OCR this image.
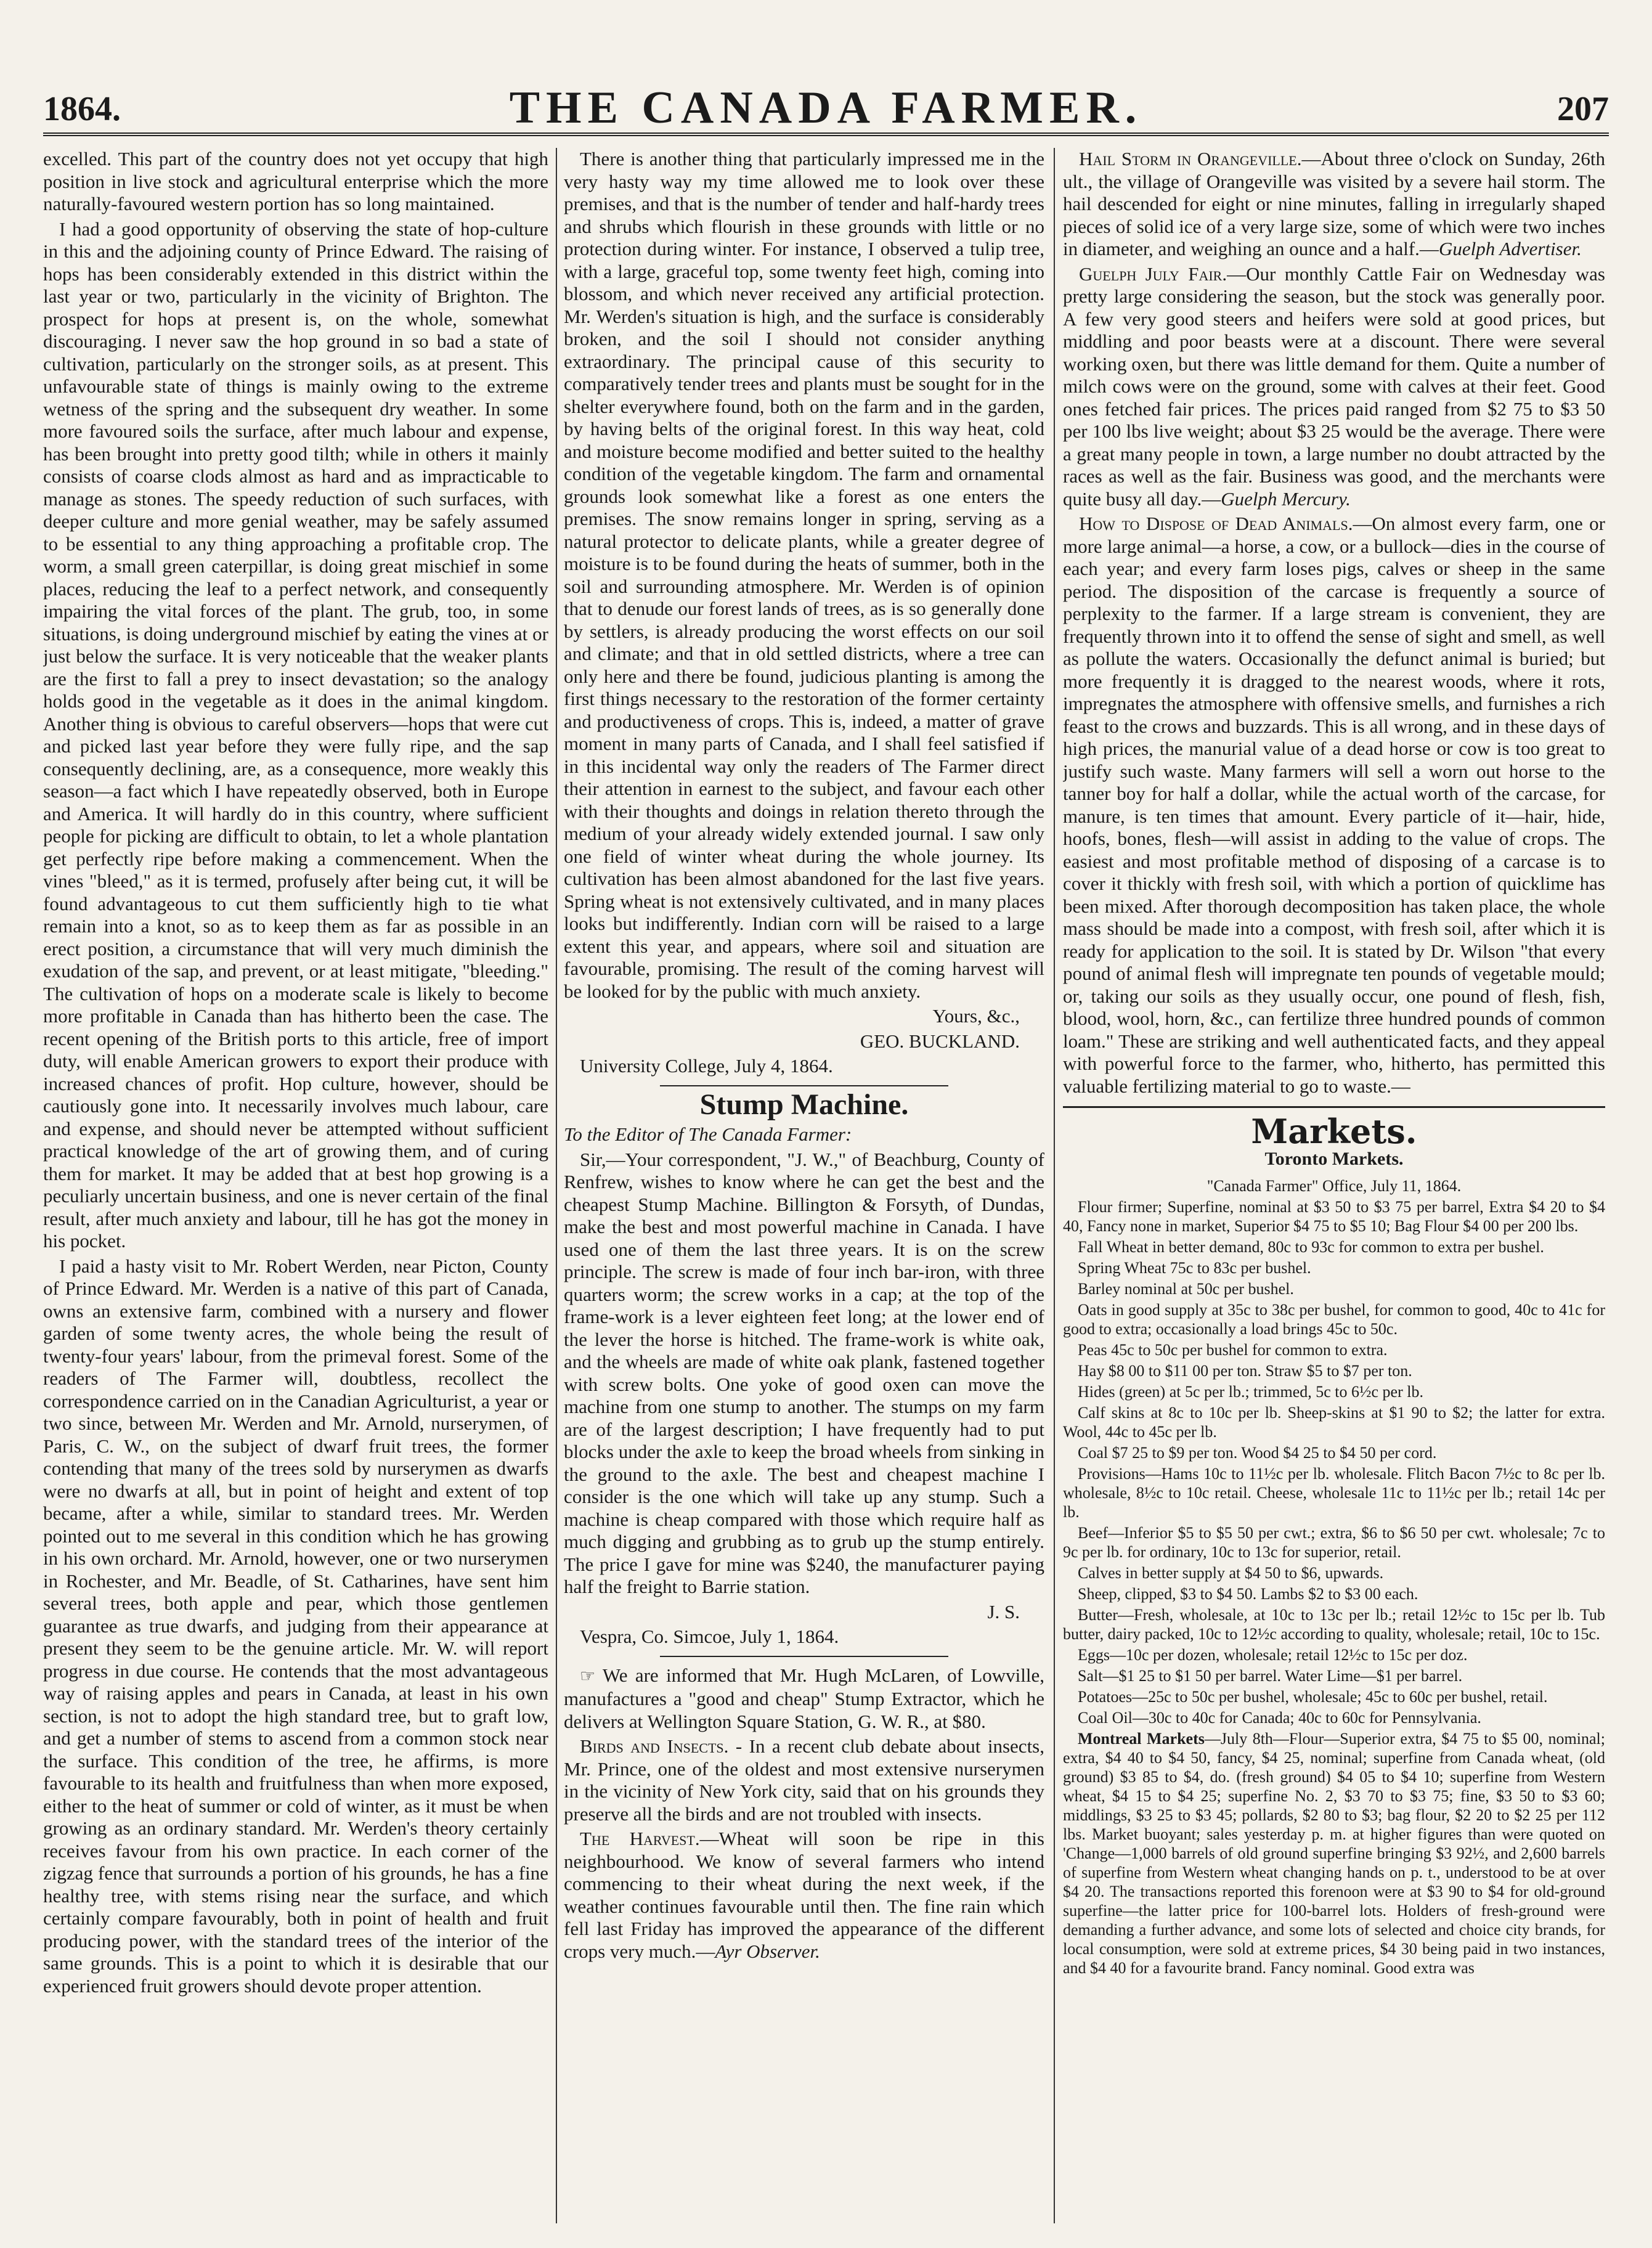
1864.	THE CANADA FARMER.	207

excelled. This part of the country does not yet occupy that high position in live stock and agricultural enterprise which the more naturally-favoured western portion has so long maintained.

I had a good opportunity of observing the state of hop-culture in this and the adjoining county of Prince Edward. The raising of hops has been considerably extended in this district within the last year or two, particularly in the vicinity of Brighton. The prospect for hops at present is, on the whole, somewhat discouraging. I never saw the hop ground in so bad a state of cultivation, particularly on the stronger soils, as at present. This unfavourable state of things is mainly owing to the extreme wetness of the spring and the subsequent dry weather. In some more favoured soils the surface, after much labour and expense, has been brought into pretty good tilth; while in others it mainly consists of coarse clods almost as hard and as impracticable to manage as stones. The speedy reduction of such surfaces, with deeper culture and more genial weather, may be safely assumed to be essential to any thing approaching a profitable crop. The worm, a small green caterpillar, is doing great mischief in some places, reducing the leaf to a perfect network, and consequently impairing the vital forces of the plant. The grub, too, in some situations, is doing underground mischief by eating the vines at or just below the surface. It is very noticeable that the weaker plants are the first to fall a prey to insect devastation; so the analogy holds good in the vegetable as it does in the animal kingdom. Another thing is obvious to careful observers—hops that were cut and picked last year before they were fully ripe, and the sap consequently declining, are, as a consequence, more weakly this season—a fact which I have repeatedly observed, both in Europe and America. It will hardly do in this country, where sufficient people for picking are difficult to obtain, to let a whole plantation get perfectly ripe before making a commencement. When the vines "bleed," as it is termed, profusely after being cut, it will be found advantageous to cut them sufficiently high to tie what remain into a knot, so as to keep them as far as possible in an erect position, a circumstance that will very much diminish the exudation of the sap, and prevent, or at least mitigate, "bleeding." The cultivation of hops on a moderate scale is likely to become more profitable in Canada than has hitherto been the case. The recent opening of the British ports to this article, free of import duty, will enable American growers to export their produce with increased chances of profit. Hop culture, however, should be cautiously gone into. It necessarily involves much labour, care and expense, and should never be attempted without sufficient practical knowledge of the art of growing them, and of curing them for market. It may be added that at best hop growing is a peculiarly uncertain business, and one is never certain of the final result, after much anxiety and labour, till he has got the money in his pocket.

I paid a hasty visit to Mr. Robert Werden, near Picton, County of Prince Edward. Mr. Werden is a native of this part of Canada, owns an extensive farm, combined with a nursery and flower garden of some twenty acres, the whole being the result of twenty-four years' labour, from the primeval forest. Some of the readers of The Farmer will, doubtless, recollect the correspondence carried on in the Canadian Agriculturist, a year or two since, between Mr. Werden and Mr. Arnold, nurserymen, of Paris, C. W., on the subject of dwarf fruit trees, the former contending that many of the trees sold by nurserymen as dwarfs were no dwarfs at all, but in point of height and extent of top became, after a while, similar to standard trees. Mr. Werden pointed out to me several in this condition which he has growing in his own orchard. Mr. Arnold, however, one or two nurserymen in Rochester, and Mr. Beadle, of St. Catharines, have sent him several trees, both apple and pear, which those gentlemen guarantee as true dwarfs, and judging from their appearance at present they seem to be the genuine article. Mr. W. will report progress in due course. He contends that the most advantageous way of raising apples and pears in Canada, at least in his own section, is not to adopt the high standard tree, but to graft low, and get a number of stems to ascend from a common stock near the surface. This condition of the tree, he affirms, is more favourable to its health and fruitfulness than when more exposed, either to the heat of summer or cold of winter, as it must be when growing as an ordinary standard. Mr. Werden's theory certainly receives favour from his own practice. In each corner of the zigzag fence that surrounds a portion of his grounds, he has a fine healthy tree, with stems rising near the surface, and which certainly compare favourably, both in point of health and fruit producing power, with the standard trees of the interior of the same grounds. This is a point to which it is desirable that our experienced fruit growers should devote proper attention.

There is another thing that particularly impressed me in the very hasty way my time allowed me to look over these premises, and that is the number of tender and half-hardy trees and shrubs which flourish in these grounds with little or no protection during winter. For instance, I observed a tulip tree, with a large, graceful top, some twenty feet high, coming into blossom, and which never received any artificial protection. Mr. Werden's situation is high, and the surface is considerably broken, and the soil I should not consider anything extraordinary. The principal cause of this security to comparatively tender trees and plants must be sought for in the shelter everywhere found, both on the farm and in the garden, by having belts of the original forest. In this way heat, cold and moisture become modified and better suited to the healthy condition of the vegetable kingdom. The farm and ornamental grounds look somewhat like a forest as one enters the premises. The snow remains longer in spring, serving as a natural protector to delicate plants, while a greater degree of moisture is to be found during the heats of summer, both in the soil and surrounding atmosphere. Mr. Werden is of opinion that to denude our forest lands of trees, as is so generally done by settlers, is already producing the worst effects on our soil and climate; and that in old settled districts, where a tree can only here and there be found, judicious planting is among the first things necessary to the restoration of the former certainty and productiveness of crops. This is, indeed, a matter of grave moment in many parts of Canada, and I shall feel satisfied if in this incidental way only the readers of The Farmer direct their attention in earnest to the subject, and favour each other with their thoughts and doings in relation thereto through the medium of your already widely extended journal. I saw only one field of winter wheat during the whole journey. Its cultivation has been almost abandoned for the last five years. Spring wheat is not extensively cultivated, and in many places looks but indifferently. Indian corn will be raised to a large extent this year, and appears, where soil and situation are favourable, promising. The result of the coming harvest will be looked for by the public with much anxiety.

Yours, &c.,

GEO. BUCKLAND.

University College, July 4, 1864.

Stump Machine.

To the Editor of The Canada Farmer:

Sir,—Your correspondent, "J. W.," of Beachburg, County of Renfrew, wishes to know where he can get the best and the cheapest Stump Machine. Billington & Forsyth, of Dundas, make the best and most powerful machine in Canada. I have used one of them the last three years. It is on the screw principle. The screw is made of four inch bar-iron, with three quarters worm; the screw works in a cap; at the top of the frame-work is a lever eighteen feet long; at the lower end of the lever the horse is hitched. The frame-work is white oak, and the wheels are made of white oak plank, fastened together with screw bolts. One yoke of good oxen can move the machine from one stump to another. The stumps on my farm are of the largest description; I have frequently had to put blocks under the axle to keep the broad wheels from sinking in the ground to the axle. The best and cheapest machine I consider is the one which will take up any stump. Such a machine is cheap compared with those which require half as much digging and grubbing as to grub up the stump entirely. The price I gave for mine was $240, the manufacturer paying half the freight to Barrie station.

J. S.

Vespra, Co. Simcoe, July 1, 1864.

☞ We are informed that Mr. Hugh McLaren, of Lowville, manufactures a "good and cheap" Stump Extractor, which he delivers at Wellington Square Station, G. W. R., at $80.

Birds and Insects. - In a recent club debate about insects, Mr. Prince, one of the oldest and most extensive nurserymen in the vicinity of New York city, said that on his grounds they preserve all the birds and are not troubled with insects.

The Harvest.—Wheat will soon be ripe in this neighbourhood. We know of several farmers who intend commencing to their wheat during the next week, if the weather continues favourable until then. The fine rain which fell last Friday has improved the appearance of the different crops very much.—Ayr Observer.

Hail Storm in Orangeville.—About three o'clock on Sunday, 26th ult., the village of Orangeville was visited by a severe hail storm. The hail descended for eight or nine minutes, falling in irregularly shaped pieces of solid ice of a very large size, some of which were two inches in diameter, and weighing an ounce and a half.—Guelph Advertiser.

Guelph July Fair.—Our monthly Cattle Fair on Wednesday was pretty large considering the season, but the stock was generally poor. A few very good steers and heifers were sold at good prices, but middling and poor beasts were at a discount. There were several working oxen, but there was little demand for them. Quite a number of milch cows were on the ground, some with calves at their feet. Good ones fetched fair prices. The prices paid ranged from $2 75 to $3 50 per 100 lbs live weight; about $3 25 would be the average. There were a great many people in town, a large number no doubt attracted by the races as well as the fair. Business was good, and the merchants were quite busy all day.—Guelph Mercury.

How to Dispose of Dead Animals.—On almost every farm, one or more large animal—a horse, a cow, or a bullock—dies in the course of each year; and every farm loses pigs, calves or sheep in the same period. The disposition of the carcase is frequently a source of perplexity to the farmer. If a large stream is convenient, they are frequently thrown into it to offend the sense of sight and smell, as well as pollute the waters. Occasionally the defunct animal is buried; but more frequently it is dragged to the nearest woods, where it rots, impregnates the atmosphere with offensive smells, and furnishes a rich feast to the crows and buzzards. This is all wrong, and in these days of high prices, the manurial value of a dead horse or cow is too great to justify such waste. Many farmers will sell a worn out horse to the tanner boy for half a dollar, while the actual worth of the carcase, for manure, is ten times that amount. Every particle of it—hair, hide, hoofs, bones, flesh—will assist in adding to the value of crops. The easiest and most profitable method of disposing of a carcase is to cover it thickly with fresh soil, with which a portion of quicklime has been mixed. After thorough decomposition has taken place, the whole mass should be made into a compost, with fresh soil, after which it is ready for application to the soil. It is stated by Dr. Wilson "that every pound of animal flesh will impregnate ten pounds of vegetable mould; or, taking our soils as they usually occur, one pound of flesh, fish, blood, wool, horn, &c., can fertilize three hundred pounds of common loam." These are striking and well authenticated facts, and they appeal with powerful force to the farmer, who, hitherto, has permitted this valuable fertilizing material to go to waste.—

Markets.

Toronto Markets.

"Canada Farmer" Office, July 11, 1864.

Flour firmer; Superfine, nominal at $3 50 to $3 75 per barrel, Extra $4 20 to $4 40, Fancy none in market, Superior $4 75 to $5 10; Bag Flour $4 00 per 200 lbs.

Fall Wheat in better demand, 80c to 93c for common to extra per bushel.

Spring Wheat 75c to 83c per bushel.

Barley nominal at 50c per bushel.

Oats in good supply at 35c to 38c per bushel, for common to good, 40c to 41c for good to extra; occasionally a load brings 45c to 50c.

Peas 45c to 50c per bushel for common to extra.

Hay $8 00 to $11 00 per ton. Straw $5 to $7 per ton.

Hides (green) at 5c per lb.; trimmed, 5c to 6½c per lb.

Calf skins at 8c to 10c per lb. Sheep-skins at $1 90 to $2; the latter for extra. Wool, 44c to 45c per lb.

Coal $7 25 to $9 per ton. Wood $4 25 to $4 50 per cord.

Provisions—Hams 10c to 11½c per lb. wholesale. Flitch Bacon 7½c to 8c per lb. wholesale, 8½c to 10c retail. Cheese, wholesale 11c to 11½c per lb.; retail 14c per lb.

Beef—Inferior $5 to $5 50 per cwt.; extra, $6 to $6 50 per cwt. wholesale; 7c to 9c per lb. for ordinary, 10c to 13c for superior, retail.

Calves in better supply at $4 50 to $6, upwards.

Sheep, clipped, $3 to $4 50. Lambs $2 to $3 00 each.

Butter—Fresh, wholesale, at 10c to 13c per lb.; retail 12½c to 15c per lb. Tub butter, dairy packed, 10c to 12½c according to quality, wholesale; retail, 10c to 15c.

Eggs—10c per dozen, wholesale; retail 12½c to 15c per doz.

Salt—$1 25 to $1 50 per barrel. Water Lime—$1 per barrel.

Potatoes—25c to 50c per bushel, wholesale; 45c to 60c per bushel, retail.

Coal Oil—30c to 40c for Canada; 40c to 60c for Pennsylvania.

Montreal Markets—July 8th—Flour—Superior extra, $4 75 to $5 00, nominal; extra, $4 40 to $4 50, fancy, $4 25, nominal; superfine from Canada wheat, (old ground) $3 85 to $4, do. (fresh ground) $4 05 to $4 10; superfine from Western wheat, $4 15 to $4 25; superfine No. 2, $3 70 to $3 75; fine, $3 50 to $3 60; middlings, $3 25 to $3 45; pollards, $2 80 to $3; bag flour, $2 20 to $2 25 per 112 lbs. Market buoyant; sales yesterday p. m. at higher figures than were quoted on 'Change—1,000 barrels of old ground superfine bringing $3 92½, and 2,600 barrels of superfine from Western wheat changing hands on p. t., understood to be at over $4 20. The transactions reported this forenoon were at $3 90 to $4 for old-ground superfine—the latter price for 100-barrel lots. Holders of fresh-ground were demanding a further advance, and some lots of selected and choice city brands, for local consumption, were sold at extreme prices, $4 30 being paid in two instances, and $4 40 for a favourite brand. Fancy nominal. Good extra was
